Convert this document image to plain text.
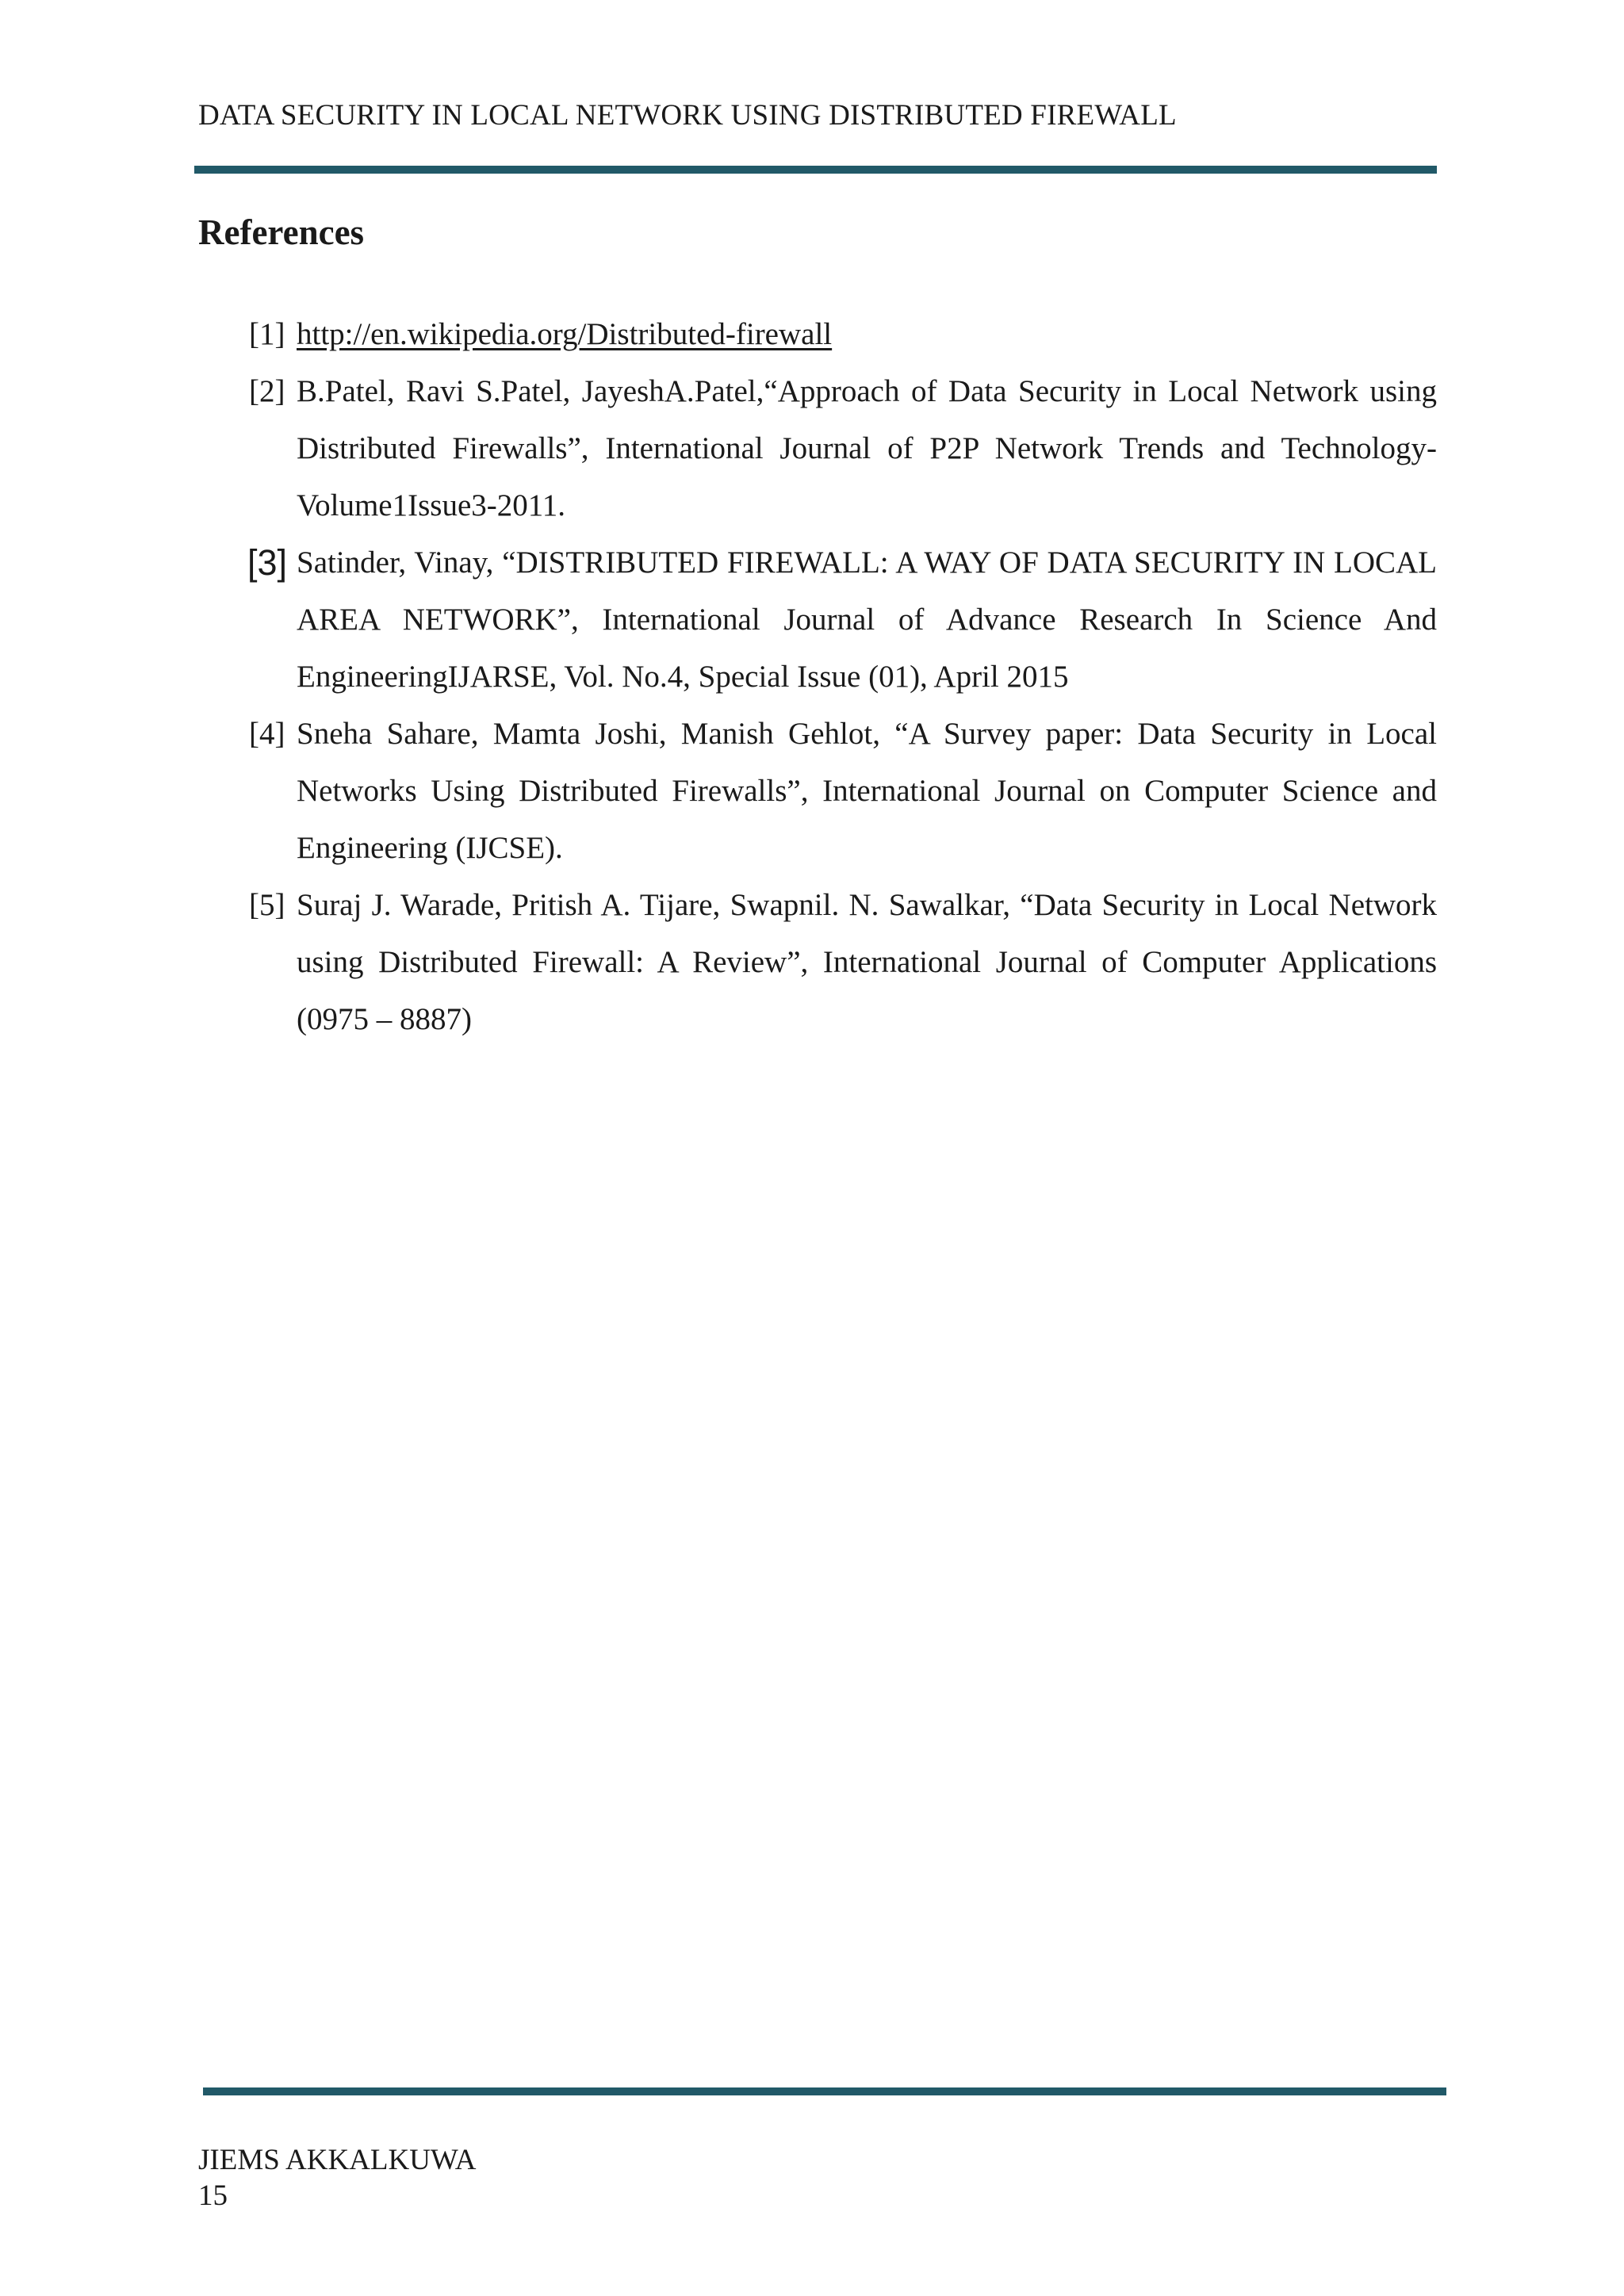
DATA SECURITY IN LOCAL NETWORK USING DISTRIBUTED FIREWALL
References
[1] http://en.wikipedia.org/Distributed-firewall
[2] B.Patel, Ravi S.Patel, JayeshA.Patel,“Approach of Data Security in Local Network using Distributed Firewalls”, International Journal of P2P Network Trends and Technology-Volume1Issue3-2011.
[3] Satinder, Vinay, “DISTRIBUTED FIREWALL: A WAY OF DATA SECURITY IN LOCAL AREA NETWORK”, International Journal of Advance Research In Science And EngineeringIJARSE, Vol. No.4, Special Issue (01), April 2015
[4] Sneha Sahare, Mamta Joshi, Manish Gehlot, “A Survey paper: Data Security in Local Networks Using Distributed Firewalls”, International Journal on Computer Science and Engineering (IJCSE).
[5] Suraj J. Warade, Pritish A. Tijare, Swapnil. N. Sawalkar, “Data Security in Local Network using Distributed Firewall: A Review”, International Journal of Computer Applications (0975 – 8887)
JIEMS AKKALKUWA
15
